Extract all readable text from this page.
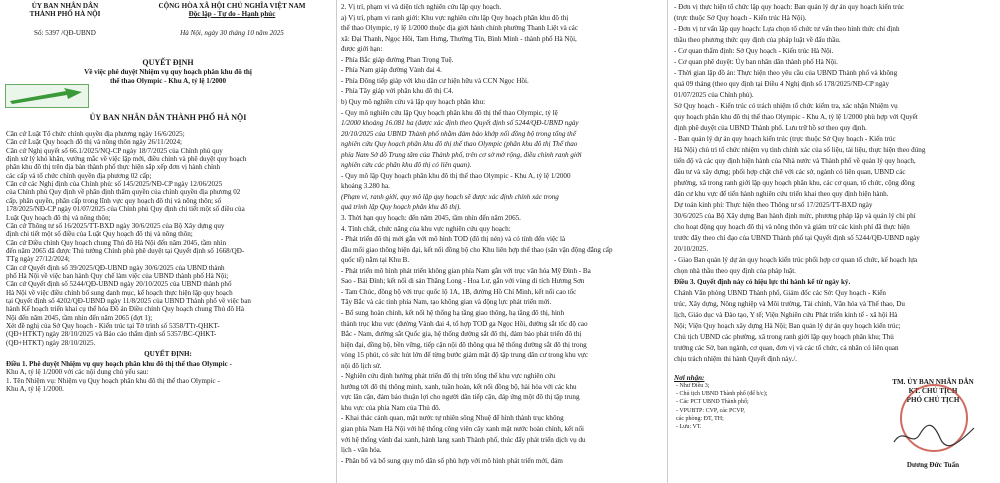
ỦY BAN NHÂN DÂN
THÀNH PHỐ HÀ NỘI
Số: 5397 /QĐ-UBND
CỘNG HÒA XÃ HỘI CHỦ NGHĨA VIỆT NAM
Độc lập - Tự do - Hạnh phúc
Hà Nội, ngày 30 tháng 10 năm 2025
QUYẾT ĐỊNH
Về việc phê duyệt Nhiệm vụ quy hoạch phân khu đô thị
thể thao Olympic - Khu A, tỷ lệ 1/2000
ỦY BAN NHÂN DÂN THÀNH PHỐ HÀ NỘI
Căn cứ Luật Tổ chức chính quyền địa phương ngày 16/6/2025;
Căn cứ Luật Quy hoạch đô thị và nông thôn ngày 26/11/2024;
Căn cứ Nghị quyết số 66.1/2025/NQ-CP ngày 18/7/2025 của Chính phủ quy
định xử lý khó khăn, vướng mắc về việc lập mới, điều chỉnh và phê duyệt quy hoạch
phân khu đô thị trên địa bàn thành phố thực hiện sắp xếp đơn vị hành chính
các cấp và tổ chức chính quyền địa phương 02 cấp;
Căn cứ các Nghị định của Chính phủ: số 145/2025/NĐ-CP ngày 12/06/2025
của Chính phủ Quy định về phân định thẩm quyền của chính quyền địa phương 02
cấp, phân quyền, phân cấp trong lĩnh vực quy hoạch đô thị và nông thôn; số
178/2025/NĐ-CP ngày 01/07/2025 của Chính phủ Quy định chi tiết một số điều của
Luật Quy hoạch đô thị và nông thôn;
Căn cứ Thông tư số 16/2025/TT-BXD ngày 30/6/2025 của Bộ Xây dựng quy
định chi tiết một số điều của Luật Quy hoạch đô thị và nông thôn;
Căn cứ Điều chỉnh Quy hoạch chung Thủ đô Hà Nội đến năm 2045, tầm nhìn
đến năm 2065 đã được Thủ tướng Chính phủ phê duyệt tại Quyết định số 1668/QĐ-
TTg ngày 27/12/2024;
Căn cứ Quyết định số 39/2025/QĐ-UBND ngày 30/6/2025 của UBND thành
phố Hà Nội về việc ban hành Quy chế làm việc của UBND thành phố Hà Nội;
Căn cứ Quyết định số 5244/QĐ-UBND ngày 20/10/2025 của UBND thành phố
Hà Nội về việc điều chỉnh bổ sung danh mục, kế hoạch thực hiện lập quy hoạch
tại Quyết định số 4202/QĐ-UBND ngày 11/8/2025 của UBND Thành phố về việc ban
hành Kế hoạch triển khai cụ thể hóa Đồ án Điều chỉnh Quy hoạch chung Thủ đô Hà
Nội đến năm 2045, tầm nhìn đến năm 2065 (đợt 1);
Xét đề nghị của Sở Quy hoạch - Kiến trúc tại Tờ trình số 5358/TTr-QHKT-
(QĐ+HTKT) ngày 28/10/2025 và Báo cáo thẩm định số 5357/BC-QHKT-
(QĐ+HTKT) ngày 28/10/2025.
QUYẾT ĐỊNH:
Điều 1. Phê duyệt Nhiệm vụ quy hoạch phân khu đô thị thể thao Olympic -
Khu A, tỷ lệ 1/2000 với các nội dung chủ yếu sau:
1. Tên Nhiệm vụ: Nhiệm vụ Quy hoạch phân khu đô thị thể thao Olympic -
Khu A, tỷ lệ 1/2000.
2. Vị trí, phạm vi và diện tích nghiên cứu lập quy hoạch.
a) Vị trí, phạm vi ranh giới: Khu vực nghiên cứu lập Quy hoạch phân khu đô thị
thể thao Olympic, tỷ lệ 1/2000 thuộc địa giới hành chính phường Thanh Liệt và các
xã: Đại Thanh, Ngọc Hồi, Tam Hưng, Thường Tín, Bình Minh - thành phố Hà Nội,
được giới hạn:
- Phía Bắc giáp đường Phan Trọng Tuệ.
- Phía Nam giáp đường Vành đai 4.
- Phía Đông tiếp giáp với khu dân cư hiện hữu và CCN Ngọc Hồi.
- Phía Tây giáp với phân khu đô thị C4.
b) Quy mô nghiên cứu và lập quy hoạch phân khu:
- Quy mô nghiên cứu lập Quy hoạch phân khu đô thị thể thao Olympic, tỷ lệ
1/2000 khoảng 16.081 ha (được xác định theo Quyết định số 5244/QĐ-UBND ngày
20/10/2025 của UBND Thành phố nhằm đảm bảo khớp nối đồng bộ trong tổng thể
nghiên cứu Quy hoạch phân khu đô thị thể thao Olympic (phân khu đô thị Thể thao
phía Nam Sở đồ Trung tâm của Thành phố, trên cơ sở mở rộng, điều chỉnh ranh giới
nghiên cứu các phân khu đô thị có liên quan).
- Quy mô lập Quy hoạch phân khu đô thị thể thao Olympic - Khu A, tỷ lệ 1/2000
khoảng 3.280 ha.
(Phạm vi, ranh giới, quy mô lập quy hoạch sẽ được xác định chính xác trong
quá trình lập Quy hoạch phân khu đô thị).
3. Thời hạn quy hoạch: đến năm 2045, tầm nhìn đến năm 2065.
4. Tính chất, chức năng của khu vực nghiên cứu quy hoạch:
- Phát triển đô thị mới gắn với mô hình TOD (đô thị nén) và có tính đến việc là
đầu mối giao thông hiện đại, kết nối đồng bộ cho Khu liên hợp thể thao (sân vận động đẳng cấp
quốc tế) nằm tại Khu B.
- Phát triển mô hình phát triển không gian phía Nam gắn với trục văn hóa Mỹ Đình - Ba
Sao - Bái Đính; kết nối di sản Thăng Long - Hoa Lư, gắn với vùng di tích Hương Sơn
- Tam Chúc, đồng bộ với trục quốc lộ 1A, 1B, đường Hồ Chí Minh, kết nối cao tốc
Tây Bắc và các tỉnh phía Nam, tạo không gian và động lực phát triển mới.
- Bổ sung hoàn chỉnh, kết nối hệ thống hạ tầng giao thông, hạ tầng đô thị, hình
thành trục khu vực (đường Vành đai 4, tổ hợp TOD ga Ngọc Hồi, đường sắt tốc độ cao
Bắc - Nam, đường sắt Quốc gia, hệ thống đường sắt đô thị, đảm bảo phát triển đô thị
hiện đại, đồng bộ, bền vững, tiếp cận nội đô thông qua hệ thống đường sắt đô thị trong
vòng 15 phút, có sức hút lớn để từng bước giảm mật độ tập trung dân cư trong khu vực
nội đô lịch sử.
- Nghiên cứu định hướng phát triển đô thị trên tổng thể khu vực nghiên cứu
hướng tới đô thị thông minh, xanh, tuần hoàn, kết nối đồng bộ, hài hòa với các khu
vực lân cận, đảm bảo thuận lợi cho người dân tiếp cận, đáp ứng một đô thị tập trung
khu vực của phía Nam của Thủ đô.
- Khai thác cảnh quan, mặt nước tự nhiên sông Nhuệ để hình thành trục không
gian phía Nam Hà Nội với hệ thống công viên cây xanh mặt nước hoàn chỉnh, kết nối
với hệ thống vành đai xanh, hành lang xanh Thành phố, thúc đẩy phát triển dịch vụ du
lịch - văn hóa.
- Phân bổ và bổ sung quy mô dân số phù hợp với mô hình phát triển mới, đảm
- Đơn vị thực hiện tổ chức lập quy hoạch: Ban quản lý dự án quy hoạch kiến trúc
(trực thuộc Sở Quy hoạch - Kiến trúc Hà Nội).
- Đơn vị tư vấn lập quy hoạch: Lựa chọn tổ chức tư vấn theo hình thức chỉ định
thầu theo phương thức quy định của pháp luật về đấu thầu.
- Cơ quan thẩm định: Sở Quy hoạch - Kiến trúc Hà Nội.
- Cơ quan phê duyệt: Ủy ban nhân dân thành phố Hà Nội.
- Thời gian lập đồ án: Thực hiện theo yêu cầu của UBND Thành phố và không
quá 09 tháng (theo quy định tại Điều 4 Nghị định số 178/2025/NĐ-CP ngày
01/07/2025 của Chính phủ).
Sở Quy hoạch - Kiến trúc có trách nhiệm tổ chức kiểm tra, xác nhận Nhiệm vụ
quy hoạch phân khu đô thị thể thao Olympic - Khu A, tỷ lệ 1/2000 phù hợp với Quyết
định phê duyệt của UBND Thành phố. Lưu trữ hồ sơ theo quy định.
- Ban quản lý dự án quy hoạch kiến trúc (trực thuộc Sở Quy hoạch - Kiến trúc
Hà Nội) chủ trì tổ chức nhiệm vụ tình chính xác của số liệu, tài liệu, thực hiện theo đúng
tiến độ và các quy định hiện hành của Nhà nước và Thành phố về quản lý quy hoạch,
đầu tư và xây dựng; phối hợp chặt chẽ với các sở, ngành có liên quan, UBND các
phường, xã trong ranh giới lập quy hoạch phân khu, các cơ quan, tổ chức, cộng đồng
dân cư khu vực để tiến hành nghiên cứu triển khai theo quy định hiện hành.
Dự toán kinh phí: Thực hiện theo Thông tư số 17/2025/TT-BXD ngày
30/6/2025 của Bộ Xây dựng Ban hành định mức, phương pháp lập và quản lý chi phí
cho hoạt động quy hoạch đô thị và nông thôn và giám trừ các kinh phí đã thực hiện
trước đây theo chỉ đạo của UBND Thành phố tại Quyết định số 5244/QĐ-UBND ngày
20/10/2025.
- Giao Ban quản lý dự án quy hoạch kiến trúc phối hợp cơ quan tổ chức, kế hoạch lựa
chọn nhà thầu theo quy định của pháp luật.
Điều 3. Quyết định này có hiệu lực thi hành kể từ ngày ký.
Chánh Văn phòng UBND Thành phố, Giám đốc các Sở: Quy hoạch - Kiến
trúc, Xây dựng, Nông nghiệp và Môi trường, Tài chính, Văn hóa và Thể thao, Du
lịch, Giáo dục và Đào tạo, Y tế; Viện Nghiên cứu Phát triển kinh tế - xã hội Hà
Nội; Viện Quy hoạch xây dựng Hà Nội; Ban quản lý dự án quy hoạch kiến trúc;
Chủ tịch UBND các phường, xã trong ranh giới lập quy hoạch phân khu; Thủ
trưởng các Sở, ban ngành, cơ quan, đơn vị và các tổ chức, cá nhân có liên quan
chịu trách nhiệm thi hành Quyết định này./.
Nơi nhận:
- Như Điều 3;
- Chủ tịch UBND Thành phố (để b/c);
- Các PCT UBND Thành phố;
- VPUBTP: CVP, các PCVP,
các phòng: ĐT, TH;
- Lưu: VT.
TM. ỦY BAN NHÂN DÂN
KT. CHỦ TỊCH
PHÓ CHỦ TỊCH
Dương Đức Tuấn
